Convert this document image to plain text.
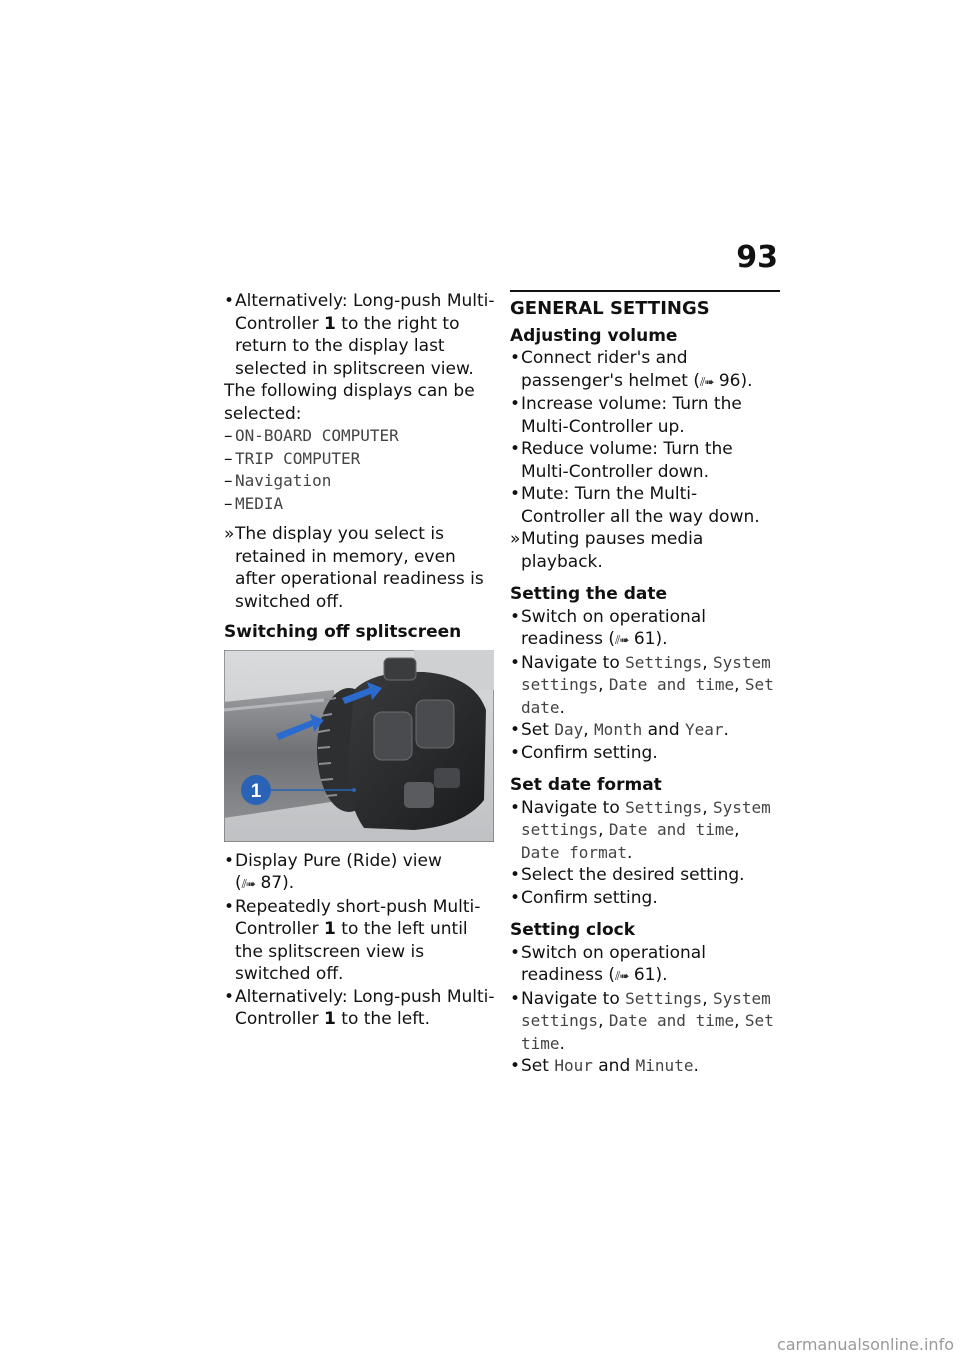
93
• Alternatively: Long-push Multi-Controller 1 to the right to return to the display last selected in splitscreen view.
The following displays can be selected:
– ON-BOARD COMPUTER
– TRIP COMPUTER
– Navigation
– MEDIA
» The display you select is retained in memory, even after operational readiness is switched off.
Switching off splitscreen
1
• Display Pure (Ride) view
(⫽➠ 87).
• Repeatedly short-push Multi-Controller 1 to the left until the splitscreen view is switched off.
• Alternatively: Long-push Multi-Controller 1 to the left.
GENERAL SETTINGS
Adjusting volume
• Connect rider's and passenger's helmet (⫽➠ 96).
• Increase volume: Turn the Multi-Controller up.
• Reduce volume: Turn the Multi-Controller down.
• Mute: Turn the Multi-Controller all the way down.
» Muting pauses media playback.
Setting the date
• Switch on operational readiness (⫽➠ 61).
• Navigate to Settings, System settings, Date and time, Set date.
• Set Day, Month and Year.
• Confirm setting.
Set date format
• Navigate to Settings, System settings, Date and time, Date format.
• Select the desired setting.
• Confirm setting.
Setting clock
• Switch on operational readiness (⫽➠ 61).
• Navigate to Settings, System settings, Date and time, Set time.
• Set Hour and Minute.
carmanualsonline.info
